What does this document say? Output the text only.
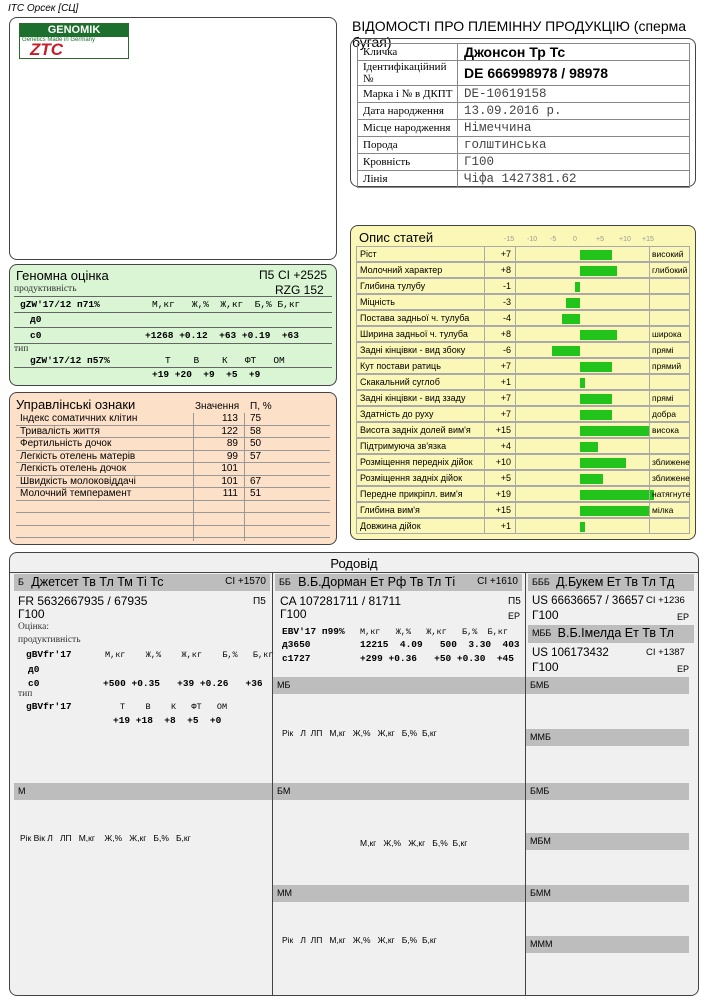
ITC Орсек [СЦ]
GENOMIK
Genetics Made in Germany
ZTC
ВІДОМОСТІ ПРО ПЛЕМІННУ ПРОДУКЦІЮ (сперма бугая)
Кличка	Джонсон Тр Тс
Ідентифікаційний №	DE 666998978 / 98978
Марка і № в ДКПТ	DE-10619158
Дата народження	13.09.2016 р.
Місце народження	Німеччина
Порода	голштинська
Кровність	Г100
Лінія	Чіфа 1427381.62
Геномна оцінка	П5 CI +2525
продуктивність	RZG 152
gZW'17/12 п71%	М,кг   Ж,%  Ж,кг  Б,% Б,кг
д0
с0	+1268 +0.12  +63 +0.19  +63
тип
gZW'17/12 п57%	Т    В    К   ФТ   ОМ
+19 +20  +9  +5  +9
Управлінські ознаки	Значення П, %
Індекс соматичних клітин	113 75
Тривалість життя	122 58
Фертильність дочок	89 50
Легкість отелень матерів	99 57
Легкість отелень дочок	101
Швидкість молоковіддачі	101 67
Молочний темперамент	111 51
Опис статей	-15 -10 -5 0	+5 +10 +15
Ріст	+7	високий
Молочний характер	+8	глибокий
Глибина тулубу	-1
Міцність	-3
Постава задньої ч. тулуба	-4
Ширина задньої ч. тулуба	+8	широка
Задні кінцівки - вид збоку	-6	прямі
Кут постави ратиць	+7	прямий
Скакальний суглоб	+1
Задні кінцівки - вид ззаду	+7	прямі
Здатність до руху	+7	добра
Висота задніх долей вим'я	+15	висока
Підтримуюча зв'язка	+4
Розміщення передніх дійок	+10	зближене
Розміщення задніх дійок	+5	зближене
Передне прикріпл. вим'я	+19	натягнуте
Глибина вим'я	+15	мілка
Довжина дійок	+1
Родовід
$^Б$ Джетсет Тв Тл Тм Ті Тс	CI +1570
FR 5632667935 / 67935	П5
Г100
Оцінка:
продуктивність
gBVfr'17	М,кг    Ж,%    Ж,кг    Б,%   Б,кг
д0
с0	+500 +0.35   +39 +0.26   +36
тип
gBVfr'17	Т    В    К   ФТ   ОМ
+19 +18  +8  +5  +0
$^{ББ}$ В.Б.Дорман Ет Рф Тв Тл Ті CI +1610
CA 107281711 / 81711	П5
Г100	ЕР
EBV'17 п99% М,кг   Ж,%   Ж,кг   Б,%  Б,кг
д3650	12215  4.09   500  3.30  403
с1727	+299 +0.36   +50 +0.30  +45
$^{БББ}$ Д.Букем Ет Тв Тл Тд
US 66636657 / 36657 CI +1236
Г100	ЕР
$^{МББ}$ В.Б.Імелда Ет Тв Тл
US 106173432	CI +1387
Г100	ЕР
МБ
Рік   Л  ЛП   М,кг   Ж,%   Ж,кг   Б,%  Б,кг
БМБ
ММБ
М
Рік Вік Л   ЛП   М,кг    Ж,%   Ж,кг   Б,%   Б,кг
БМ
М,кг   Ж,%   Ж,кг   Б,%  Б,кг
БМБ
МБМ
ММ
Рік   Л  ЛП   М,кг   Ж,%   Ж,кг   Б,%  Б,кг
БММ
МММ
